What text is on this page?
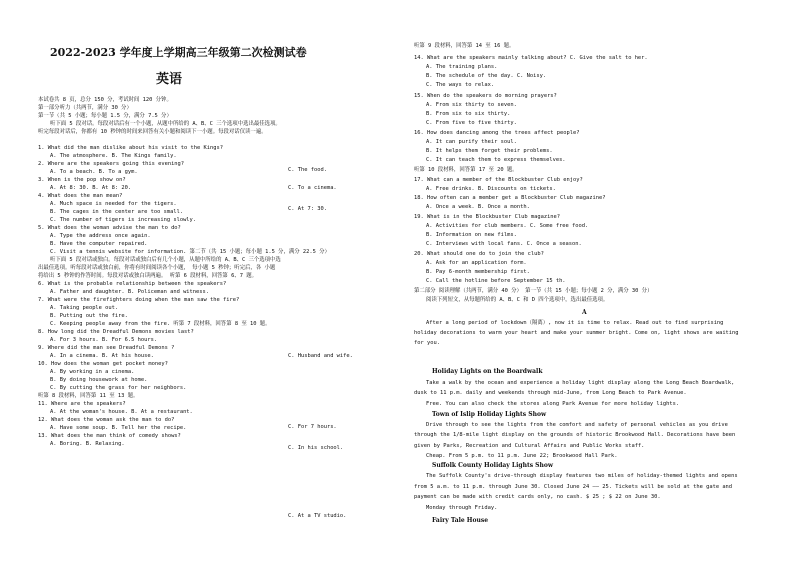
2022-2023 学年度上学期高三年级第二次检测试卷
英语
本试卷共 8 页，总分 150 分，考试时间 120 分钟。
第一部分听力（共两节，满分 30 分）
第一节（共 5 小题；每小题 1.5 分，满分 7.5 分）
听下面 5 段对话。每段对话后有一个小题，从题中所给的 A、B、C 三个选项中选出最佳选项。
听完每段对话后，你都有 10 秒钟的时间来回答有关小题和阅读下一小题。每段对话仅读一遍。
1. What did the man dislike about his visit to the Kings?
A. The atmosphere. B. The Kings family.
2. Where are the speakers going this evening?
A. To a beach. B. To a gym.
3. When is the pop show on?
A. At 8: 30. B. At 8: 20.
4. What does the man mean?
A. Much space is needed for the tigers.
B. The cages in the center are too small.
C. The number of tigers is increasing slowly.
5. What does the woman advise the man to do?
A. Type the address once again.
B. Have the computer repaired.
C. Visit a tennis website for information. 第二节（共 15 小题；每小题 1.5 分，满分 22.5 分）
听下面 5 段对话或独白。每段对话或独白后有几个小题，从题中所给的 A、B、C 三个选项中选
出最佳选项。听每段对话或独白前，你将有时间阅读各个小题， 每小题 5 秒钟；听完后，各 小题
将给出 5 秒钟的作答时间。每段对话或独白读两遍。 听第 6 段材料，回答第 6、7 题。
6. What is the probable relationship between the speakers?
A. Father and daughter. B. Policeman and witness.
7. What were the firefighters doing when the man saw the fire?
A. Taking people out.
B. Putting out the fire.
C. Keeping people away from the fire. 听第 7 段材料，回答第 8 至 10 题。
8. How long did the Dreadful Demons movies last?
A. For 3 hours. B. For 6.5 hours.
9. Where did the man see Dreadful Demons ?
A. In a cinema. B. At his house.
10. How does the woman get pocket money?
A. By working in a cinema.
B. By doing housework at home.
C. By cutting the grass for her neighbors.
听第 8 段材料，回答第 11 至 13 题。
11. Where are the speakers?
A. At the woman's house. B. At a restaurant.
12. What does the woman ask the man to do?
A. Have some soup. B. Tell her the recipe.
13. What does the man think of comedy shows?
A. Boring. B. Relaxing.
C. The food.
C. To a cinema.
C. At 7: 30.
C. Husband and wife.
C. For 7 hours.
C. In his school.
C. At a TV studio.
听第 9 段材料，回答第 14 至 16 题。
14. What are the speakers mainly talking about? C. Give the salt to her.
A. The training plans.
B. The schedule of the day. C. Noisy.
C. The ways to relax.
15. When do the speakers do morning prayers?
A. From six thirty to seven.
B. From six to six thirty.
C. From five to five thirty.
16. How does dancing among the trees affect people?
A. It can purify their soul.
B. It helps them forget their problems.
C. It can teach them to express themselves.
听第 10 段材料，回答第 17 至 20 题。
17. What can a member of the Blockbuster Club enjoy?
A. Free drinks. B. Discounts on tickets.
18. How often can a member get a Blockbuster Club magazine?
A. Once a week. B. Once a month.
19. What is in the Blockbuster Club magazine?
A. Activities for club members. C. Some free food.
B. Information on new films.
C. Interviews with local fans. C. Once a season.
20. What should one do to join the club?
A. Ask for an application form.
B. Pay 6-month membership first.
C. Call the hotline before September 15 th.
第二部分 阅读理解（共两节，满分 40 分） 第一节（共 15 小题；每小题 2 分，满分 30 分）
阅读下列短文，从每题所给的 A、B、C 和 D 四个选项中，选出最佳选项。
After a long period of lockdown（隔离）, now it is time to relax. Read out to find surprising
holiday decorations to warm your heart and make your summer bright. Come on, light shows are waiting
for you.
Take a walk by the ocean and experience a holiday light display along the Long Beach Boardwalk,
dusk to 11 p.m. daily and weekends through mid-June, from Long Beach to Park Avenue.
Free. You can also check the stores along Park Avenue for more holiday lights.
Drive through to see the lights from the comfort and safety of personal vehicles as you drive
through the 1/8-mile light display on the grounds of historic Brookwood Hall. Decorations have been
given by Parks, Recreation and Cultural Affairs and Public Works staff.
Cheap. From 5 p.m. to 11 p.m. June 22; Brookwood Hall Park.
The Suffolk County's drive-through display features two miles of holiday-themed lights and opens
from 5 a.m. to 11 p.m. through June 30. Closed June 24 —— 25. Tickets will be sold at the gate and
payment can be made with credit cards only, no cash. $ 25 ; $ 22 on June 30.
Monday through Friday.
A
Holiday Lights on the Boardwalk
Town of Islip Holiday Lights Show
Suffolk County Holiday Lights Show
Fairy Tale House
